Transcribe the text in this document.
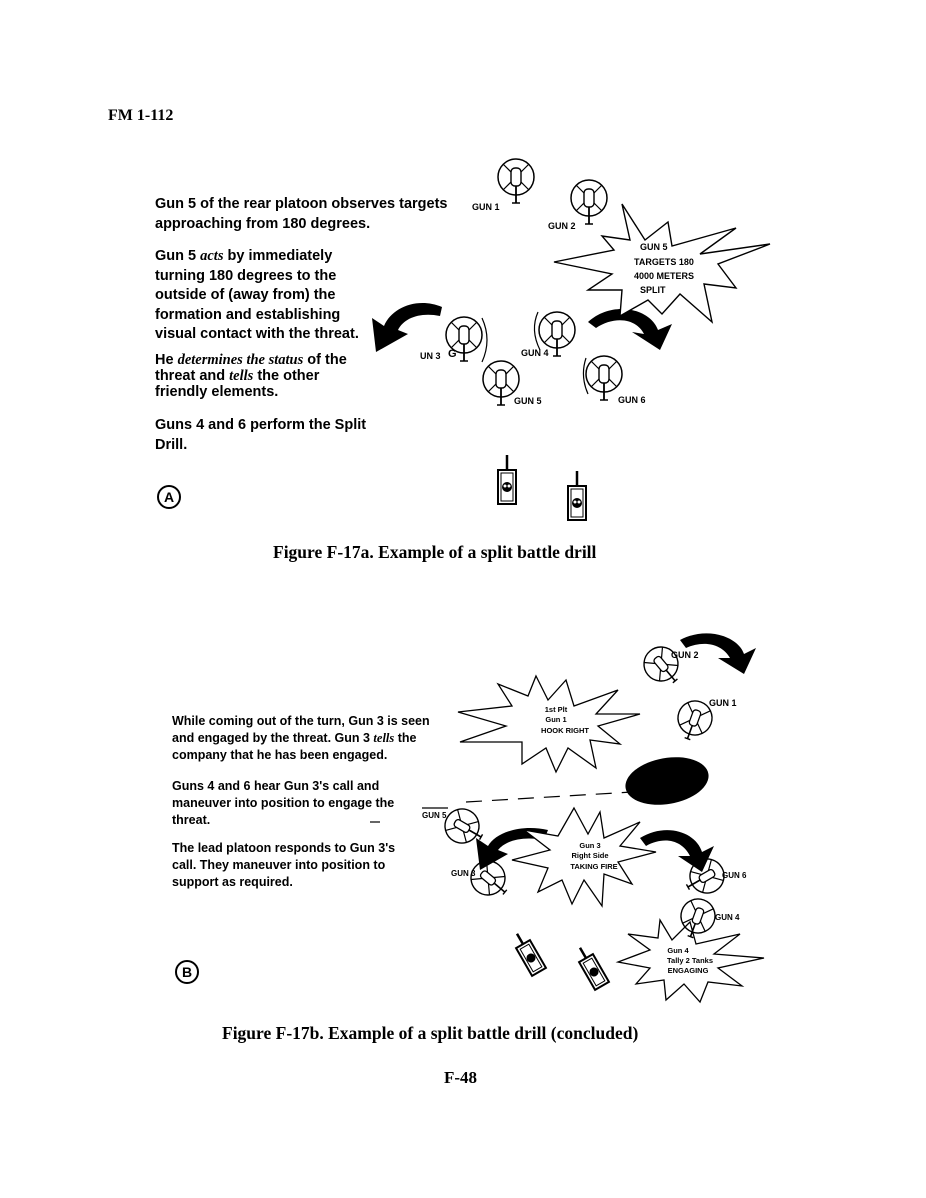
FM 1-112
Gun 5 of the rear platoon observes targets
approaching from 180 degrees.
Gun 5 acts by immediately
turning 180 degrees to the
outside of (away from) the
formation and establishing
visual contact with the threat.
He determines the status of the
threat and tells the other
friendly elements.
Guns 4 and 6 perform the Split
Drill.
A
GUN 1
GUN 2
UN 3 G	GUN 4
GUN 5	GUN 6
GUN 5
TARGETS 180
4000 METERS
SPLIT
Figure F-17a. Example of a split battle drill
While coming out of the turn, Gun 3 is seen
and engaged by the threat. Gun 3 tells the
company that he has been engaged.
Guns 4 and 6 hear Gun 3's call and
maneuver into position to engage the
threat.
The lead platoon responds to Gun 3's
call. They maneuver into position to
support as required.
B
GUN 2
GUN 1
GUN 5
GUN 3	GUN 6
GUN 4
1st Plt
Gun 1
HOOK RIGHT
Gun 3
Right Side
TAKING FIRE
Gun 4
Tally 2 Tanks
ENGAGING
Figure F-17b. Example of a split battle drill (concluded)
F-48
